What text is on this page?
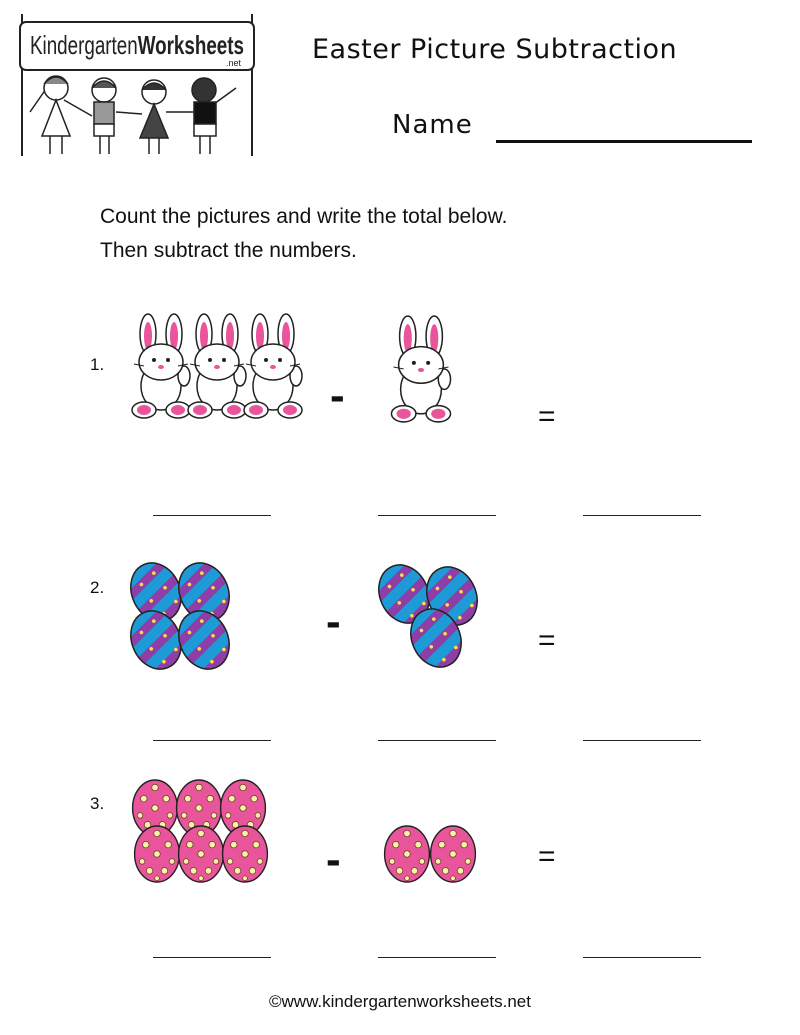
KindergartenWorksheets
.net	Easter Picture Subtraction
Name
Count the pictures and write the total below.
Then subtract the numbers.
1.
-	=
2.
-	=
3.
-	=
©www.kindergartenworksheets.net
